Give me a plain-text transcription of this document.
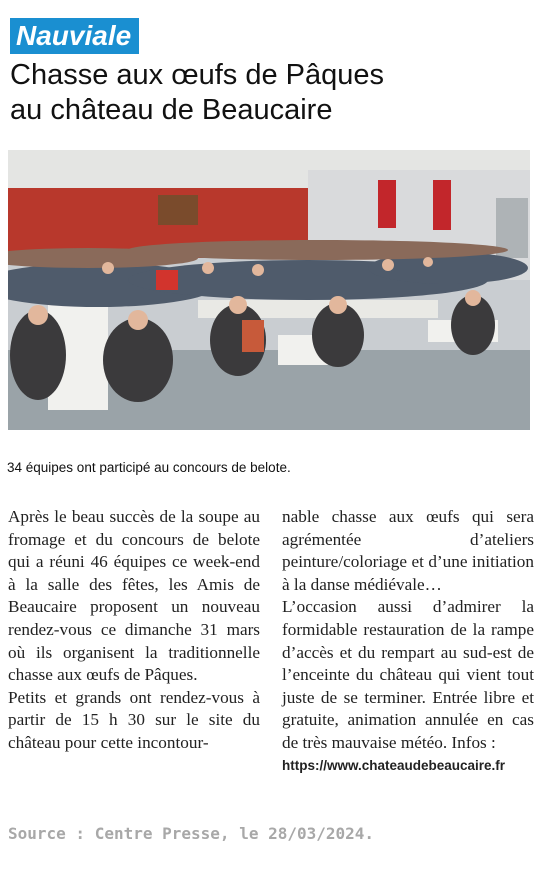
Nauviale
Chasse aux œufs de Pâques
au château de Beaucaire
34 équipes ont participé au concours de belote.

Après le beau succès de la soupe au fromage et du concours de belote qui a réuni 46 équipes ce week-end à la salle des fêtes, les Amis de Beaucaire proposent un nouveau rendez-vous ce dimanche 31 mars où ils organisent la traditionnelle chasse aux œufs de Pâques.

Petits et grands ont rendez-vous à partir de 15 h 30 sur le site du château pour cette incontour-

nable chasse aux œufs qui sera agrémentée d’ateliers peinture/coloriage et d’une initiation à la danse médiévale…

L’occasion aussi d’admirer la formidable restauration de la rampe d’accès et du rempart au sud-est de l’enceinte du château qui vient tout juste de se terminer. Entrée libre et gratuite, animation annulée en cas de très mauvaise météo. Infos :

https://www.chateaudebeaucaire.fr
Source : Centre Presse, le 28/03/2024.
